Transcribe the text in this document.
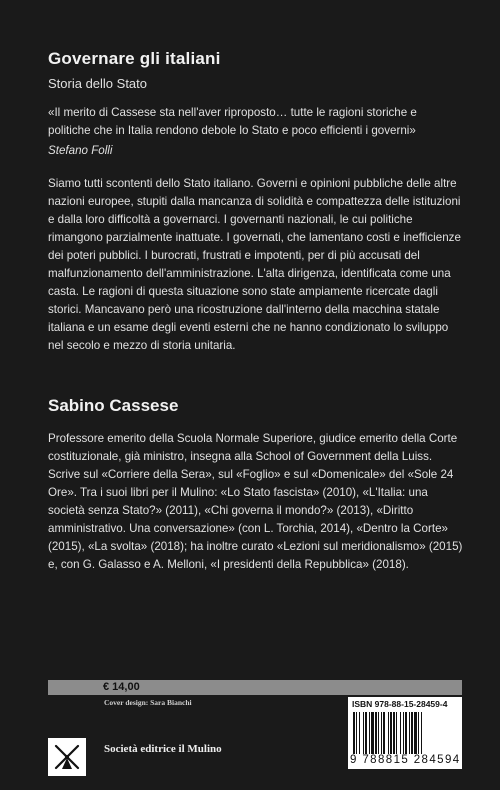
Governare gli italiani
Storia dello Stato
«Il merito di Cassese sta nell'aver riproposto… tutte le ragioni storiche e politiche che in Italia rendono debole lo Stato e poco efficienti i governi»
Stefano Folli
Siamo tutti scontenti dello Stato italiano. Governi e opinioni pubbliche delle altre nazioni europee, stupiti dalla mancanza di solidità e compattezza delle istituzioni e dalla loro difficoltà a governarci. I governanti nazionali, le cui politiche rimangono parzialmente inattuate. I governati, che lamentano costi e inefficienze dei poteri pubblici. I burocrati, frustrati e impotenti, per di più accusati del malfunzionamento dell'amministrazione. L'alta dirigenza, identificata come una casta. Le ragioni di questa situazione sono state ampiamente ricercate dagli storici. Mancavano però una ricostruzione dall'interno della macchina statale italiana e un esame degli eventi esterni che ne hanno condizionato lo sviluppo nel secolo e mezzo di storia unitaria.
Sabino Cassese
Professore emerito della Scuola Normale Superiore, giudice emerito della Corte costituzionale, già ministro, insegna alla School of Government della Luiss. Scrive sul «Corriere della Sera», sul «Foglio» e sul «Domenicale» del «Sole 24 Ore». Tra i suoi libri per il Mulino: «Lo Stato fascista» (2010), «L'Italia: una società senza Stato?» (2011), «Chi governa il mondo?» (2013), «Diritto amministrativo. Una conversazione» (con L. Torchia, 2014), «Dentro la Corte» (2015), «La svolta» (2018); ha inoltre curato «Lezioni sul meridionalismo» (2015) e, con G. Galasso e A. Melloni, «I presidenti della Repubblica» (2018).
€ 14,00
Cover design: Sara Bianchi
Società editrice il Mulino
ISBN 978-88-15-28459-4
9 788815 284594
